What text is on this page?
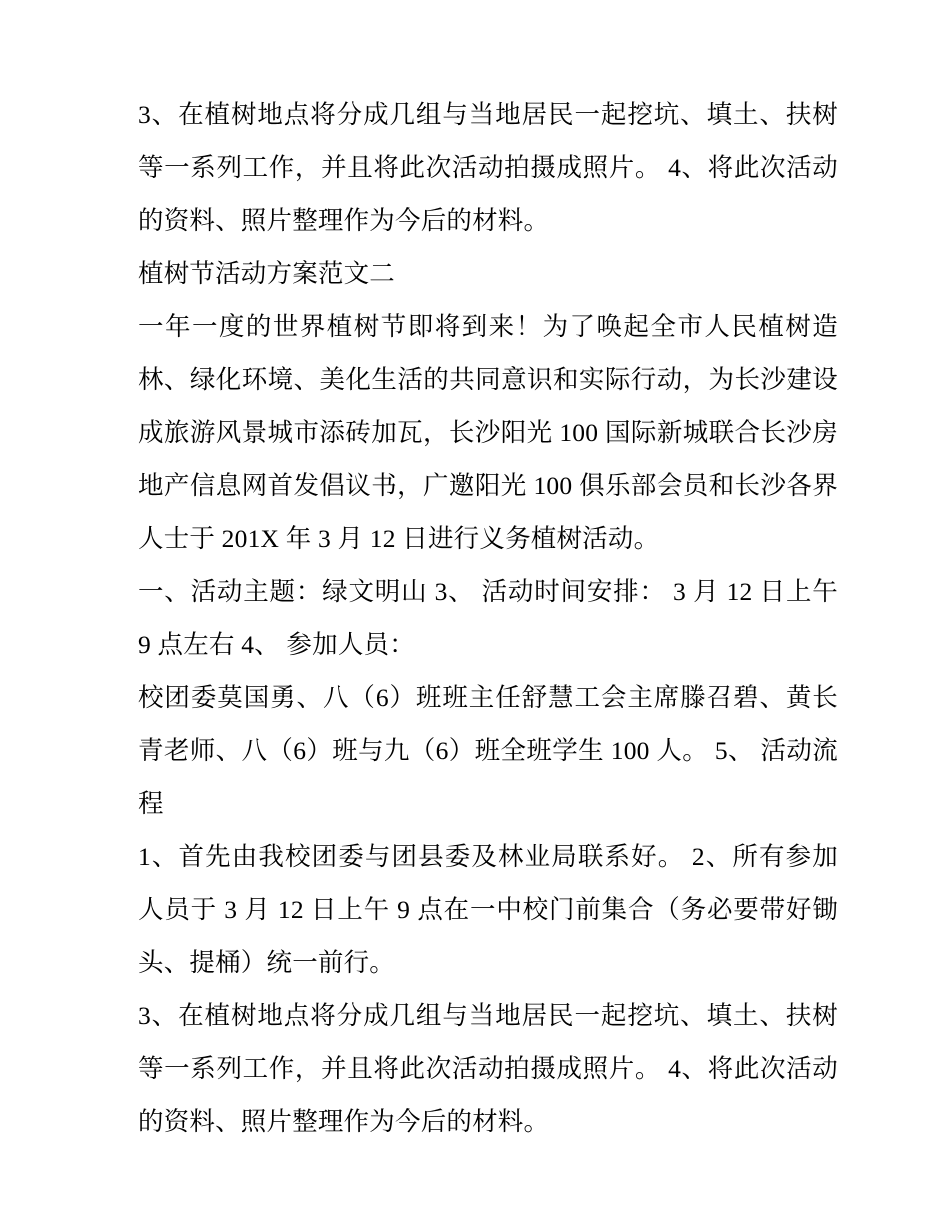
3、在植树地点将分成几组与当地居民一起挖坑、填土、扶树等一系列工作，并且将此次活动拍摄成照片。 4、将此次活动的资料、照片整理作为今后的材料。

植树节活动方案范文二

一年一度的世界植树节即将到来！为了唤起全市人民植树造林、绿化环境、美化生活的共同意识和实际行动，为长沙建设成旅游风景城市添砖加瓦，长沙阳光 100 国际新城联合长沙房地产信息网首发倡议书，广邀阳光 100 俱乐部会员和长沙各界人士于 201X 年 3 月 12 日进行义务植树活动。

一、活动主题：绿文明山 3、 活动时间安排： 3 月 12 日上午 9 点左右 4、 参加人员：

校团委莫国勇、八（6）班班主任舒慧工会主席滕召碧、黄长青老师、八（6）班与九（6）班全班学生 100 人。 5、 活动流程

1、首先由我校团委与团县委及林业局联系好。 2、所有参加人员于 3 月 12 日上午 9 点在一中校门前集合（务必要带好锄头、提桶）统一前行。

3、在植树地点将分成几组与当地居民一起挖坑、填土、扶树等一系列工作，并且将此次活动拍摄成照片。 4、将此次活动的资料、照片整理作为今后的材料。
